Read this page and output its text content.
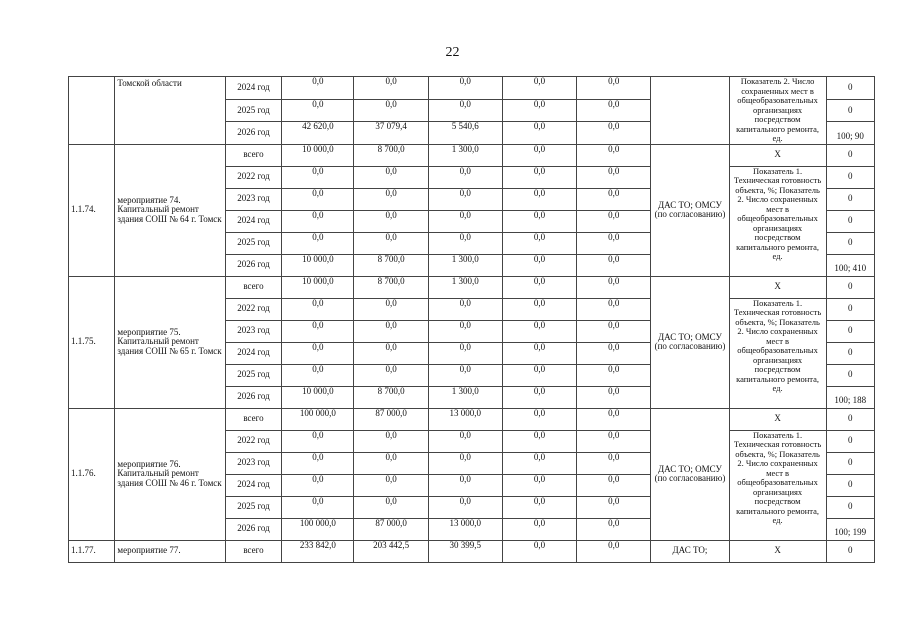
22
	Томской области	2024 год	0,0	0,0	0,0	0,0	0,0		Показатель 2. Число сохраненных мест в общеобразовательных организациях посредством капитального ремонта, ед.	0
		2025 год	0,0	0,0	0,0	0,0	0,0			0
		2026 год	42 620,0	37 079,4	5 540,6	0,0	0,0			100; 90
1.1.74.	мероприятие 74. Капитальный ремонт здания СОШ № 64 г. Томск	всего	10 000,0	8 700,0	1 300,0	0,0	0,0	ДАС ТО; ОМСУ (по согласованию)	Х	0
		2022 год	0,0	0,0	0,0	0,0	0,0		Показатель 1. Техническая готовность объекта, %; Показатель 2. Число сохраненных мест в общеобразовательных организациях посредством капитального ремонта, ед.	0
		2023 год	0,0	0,0	0,0	0,0	0,0			0
		2024 год	0,0	0,0	0,0	0,0	0,0			0
		2025 год	0,0	0,0	0,0	0,0	0,0			0
		2026 год	10 000,0	8 700,0	1 300,0	0,0	0,0			100; 410
1.1.75.	мероприятие 75. Капитальный ремонт здания СОШ № 65 г. Томск	всего	10 000,0	8 700,0	1 300,0	0,0	0,0	ДАС ТО; ОМСУ (по согласованию)	Х	0
		2022 год	0,0	0,0	0,0	0,0	0,0		Показатель 1. Техническая готовность объекта, %; Показатель 2. Число сохраненных мест в общеобразовательных организациях посредством капитального ремонта, ед.	0
		2023 год	0,0	0,0	0,0	0,0	0,0			0
		2024 год	0,0	0,0	0,0	0,0	0,0			0
		2025 год	0,0	0,0	0,0	0,0	0,0			0
		2026 год	10 000,0	8 700,0	1 300,0	0,0	0,0			100; 188
1.1.76.	мероприятие 76. Капитальный ремонт здания СОШ № 46 г. Томск	всего	100 000,0	87 000,0	13 000,0	0,0	0,0	ДАС ТО; ОМСУ (по согласованию)	Х	0
		2022 год	0,0	0,0	0,0	0,0	0,0		Показатель 1. Техническая готовность объекта, %; Показатель 2. Число сохраненных мест в общеобразовательных организациях посредством капитального ремонта, ед.	0
		2023 год	0,0	0,0	0,0	0,0	0,0			0
		2024 год	0,0	0,0	0,0	0,0	0,0			0
		2025 год	0,0	0,0	0,0	0,0	0,0			0
		2026 год	100 000,0	87 000,0	13 000,0	0,0	0,0			100; 199
1.1.77.	мероприятие 77.	всего	233 842,0	203 442,5	30 399,5	0,0	0,0	ДАС ТО;	Х	0
